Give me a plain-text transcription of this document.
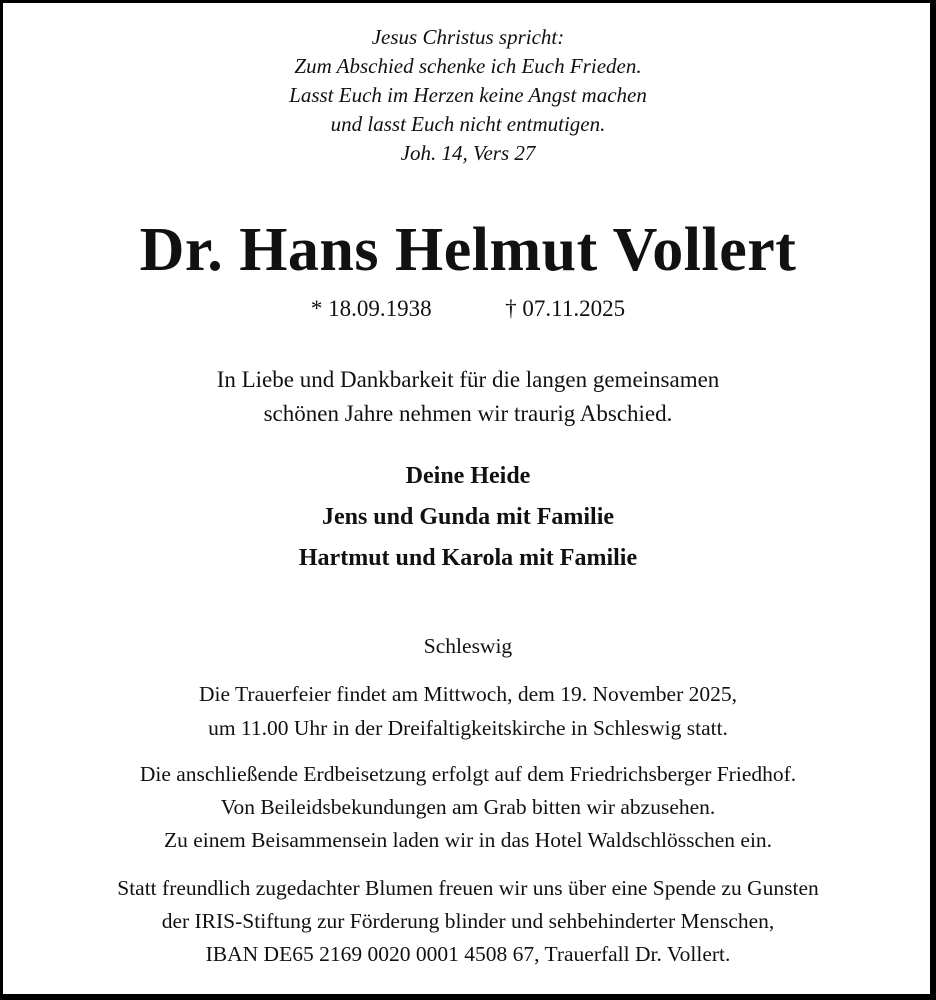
Jesus Christus spricht:
Zum Abschied schenke ich Euch Frieden.
Lasst Euch im Herzen keine Angst machen
und lasst Euch nicht entmutigen.
Joh. 14, Vers 27
Dr. Hans Helmut Vollert
* 18.09.1938	† 07.11.2025
In Liebe und Dankbarkeit für die langen gemeinsamen
schönen Jahre nehmen wir traurig Abschied.
Deine Heide
Jens und Gunda mit Familie
Hartmut und Karola mit Familie
Schleswig
Die Trauerfeier findet am Mittwoch, dem 19. November 2025,
um 11.00 Uhr in der Dreifaltigkeitskirche in Schleswig statt.
Die anschließende Erdbeisetzung erfolgt auf dem Friedrichsberger Friedhof.
Von Beileidsbekundungen am Grab bitten wir abzusehen.
Zu einem Beisammensein laden wir in das Hotel Waldschlösschen ein.
Statt freundlich zugedachter Blumen freuen wir uns über eine Spende zu Gunsten
der IRIS-Stiftung zur Förderung blinder und sehbehinderter Menschen,
IBAN DE65 2169 0020 0001 4508 67, Trauerfall Dr. Vollert.
